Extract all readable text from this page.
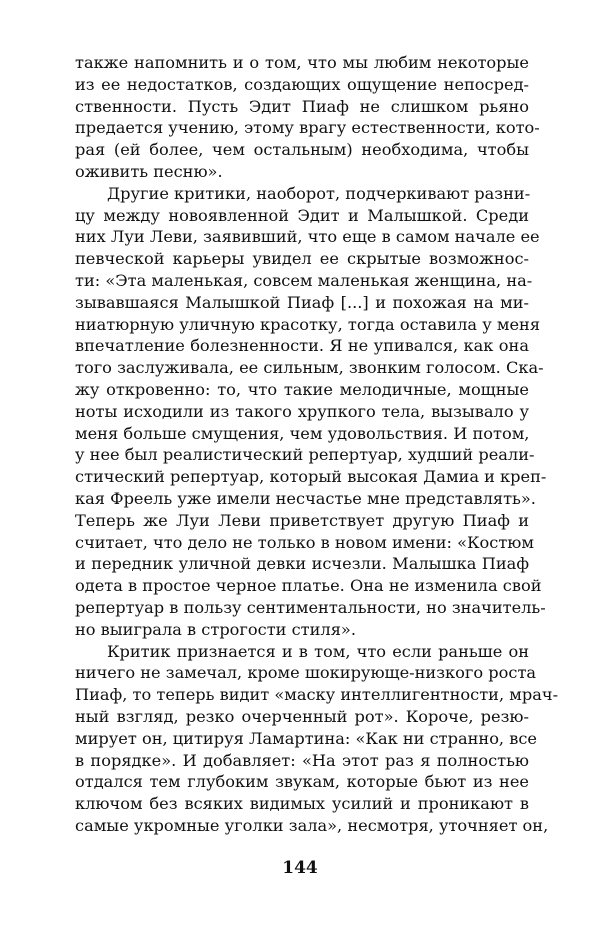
также напомнить и о том, что мы любим некоторые
из ее недостатков, создающих ощущение непосред-
ственности. Пусть Эдит Пиаф не слишком рьяно
предается учению, этому врагу естественности, кото-
рая (ей более, чем остальным) необходима, чтобы
оживить песню».
Другие критики, наоборот, подчеркивают разни-
цу между новоявленной Эдит и Малышкой. Среди
них Луи Леви, заявивший, что еще в самом начале ее
певческой карьеры увидел ее скрытые возможнос-
ти: «Эта маленькая, совсем маленькая женщина, на-
зывавшаяся Малышкой Пиаф [...] и похожая на ми-
ниатюрную уличную красотку, тогда оставила у меня
впечатление болезненности. Я не упивался, как она
того заслуживала, ее сильным, звонким голосом. Ска-
жу откровенно: то, что такие мелодичные, мощные
ноты исходили из такого хрупкого тела, вызывало у
меня больше смущения, чем удовольствия. И потом,
у нее был реалистический репертуар, худший реали-
стический репертуар, который высокая Дамиа и креп-
кая Фреель уже имели несчастье мне представлять».
Теперь же Луи Леви приветствует другую Пиаф и
считает, что дело не только в новом имени: «Костюм
и передник уличной девки исчезли. Малышка Пиаф
одета в простое черное платье. Она не изменила свой
репертуар в пользу сентиментальности, но значитель-
но выиграла в строгости стиля».
Критик признается и в том, что если раньше он
ничего не замечал, кроме шокирующе-низкого роста
Пиаф, то теперь видит «маску интеллигентности, мрач-
ный взгляд, резко очерченный рот». Короче, резю-
мирует он, цитируя Ламартина: «Как ни странно, все
в порядке». И добавляет: «На этот раз я полностью
отдался тем глубоким звукам, которые бьют из нее
ключом без всяких видимых усилий и проникают в
самые укромные уголки зала», несмотря, уточняет он,
144
